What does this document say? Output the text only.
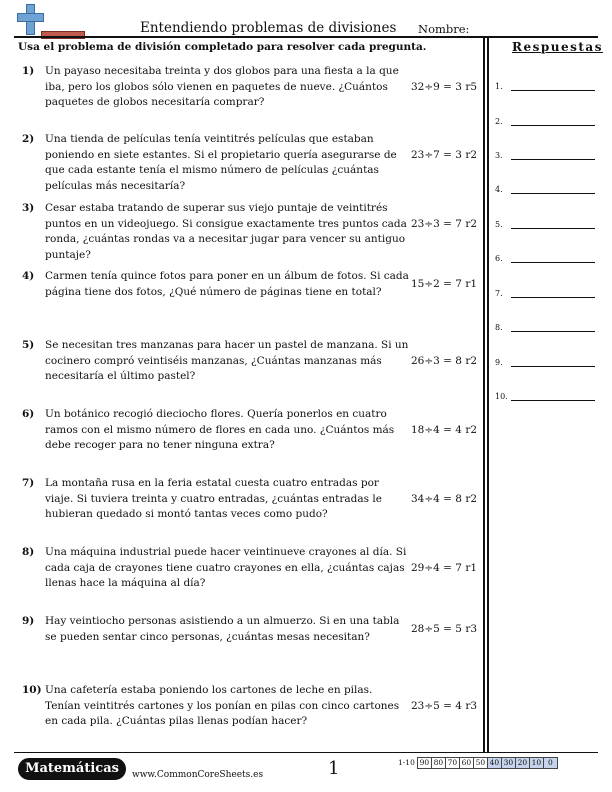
Entendiendo problemas de divisiones Nombre:
Usa el problema de división completado para resolver cada pregunta.	Respuestas
1.
2.
3.
4.
5.
6.
7.
8.
9.
10.
1) Un payaso necesitaba treinta y dos globos para una fiesta a la que iba, pero los globos sólo vienen en paquetes de nueve. ¿Cuántos paquetes de globos necesitaría comprar?
32÷9 = 3 r5
2) Una tienda de películas tenía veintitrés películas que estaban poniendo en siete estantes. Si el propietario quería asegurarse de que cada estante tenía el mismo número de películas ¿cuántas películas más necesitaría?
23÷7 = 3 r2
3) Cesar estaba tratando de superar sus viejo puntaje de veintitrés puntos en un videojuego. Si consigue exactamente tres puntos cada ronda, ¿cuántas rondas va a necesitar jugar para vencer su antiguo puntaje?
23÷3 = 7 r2
4) Carmen tenía quince fotos para poner en un álbum de fotos. Si cada página tiene dos fotos, ¿Qué número de páginas tiene en total?
15÷2 = 7 r1
5) Se necesitan tres manzanas para hacer un pastel de manzana. Si un cocinero compró veintiséis manzanas, ¿Cuántas manzanas más necesitaría el último pastel?
26÷3 = 8 r2
6) Un botánico recogió dieciocho flores. Quería ponerlos en cuatro ramos con el mismo número de flores en cada uno. ¿Cuántos más debe recoger para no tener ninguna extra?
18÷4 = 4 r2
7) La montaña rusa en la feria estatal cuesta cuatro entradas por viaje. Si tuviera treinta y cuatro entradas, ¿cuántas entradas le hubieran quedado si montó tantas veces como pudo?
34÷4 = 8 r2
8) Una máquina industrial puede hacer veintinueve crayones al día. Si cada caja de crayones tiene cuatro crayones en ella, ¿cuántas cajas llenas hace la máquina al día?
29÷4 = 7 r1
9) Hay veintiocho personas asistiendo a un almuerzo. Si en una tabla se pueden sentar cinco personas, ¿cuántas mesas necesitan?
28÷5 = 5 r3
10) Una cafetería estaba poniendo los cartones de leche en pilas. Tenían veintitrés cartones y los ponían en pilas con cinco cartones en cada pila. ¿Cuántas pilas llenas podían hacer?
23÷5 = 4 r3
Matemáticas	www.CommonCoreSheets.es	1	1-10 90 80 70 60 50 40 30 20 10 0
